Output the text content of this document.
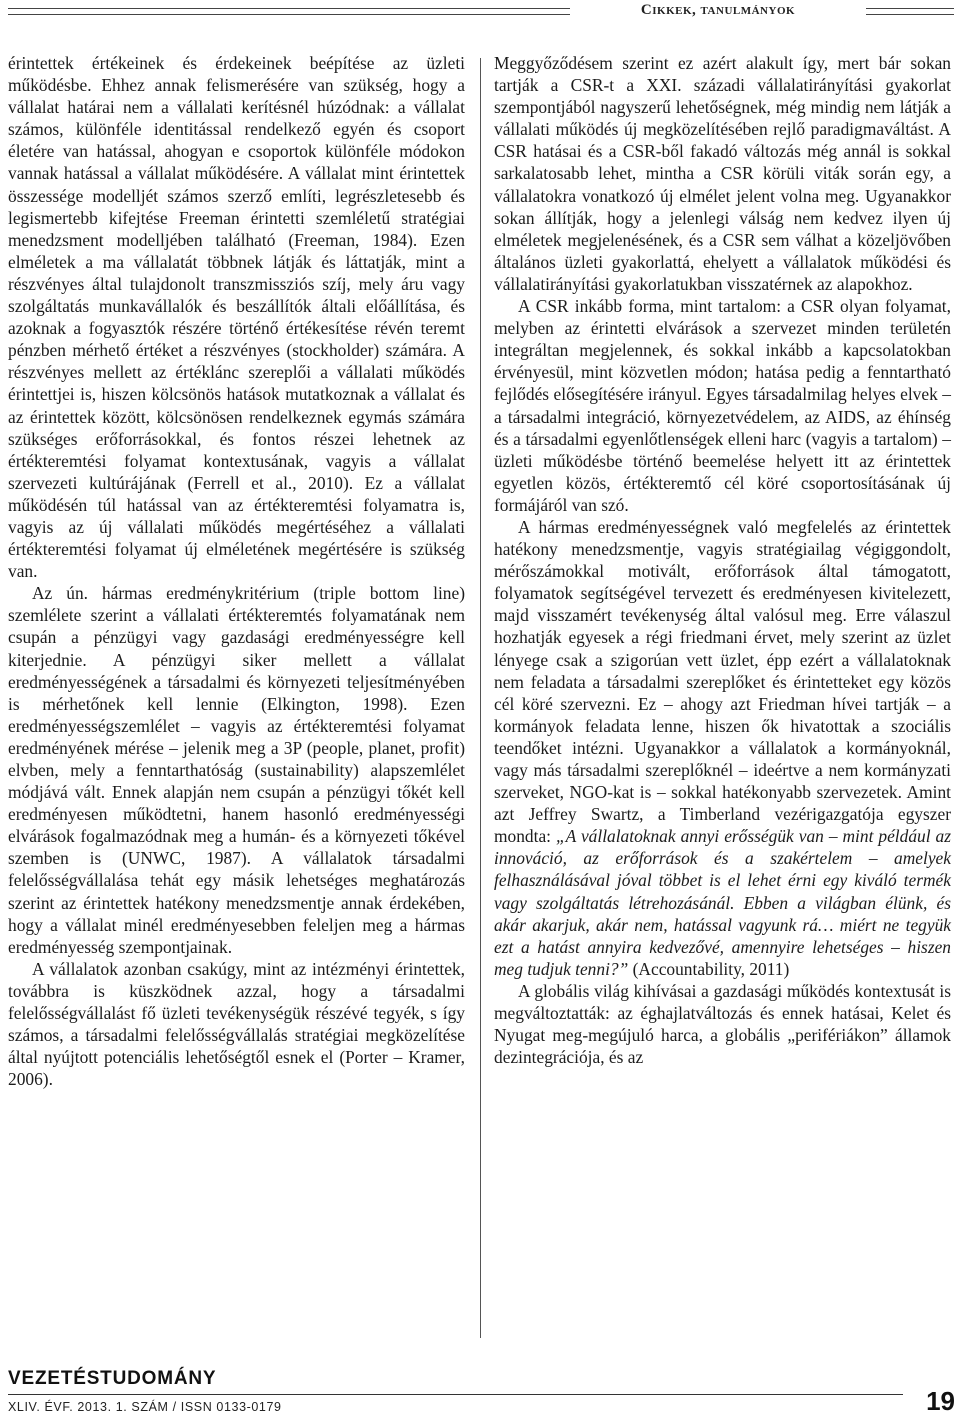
Cikkek, tanulmányok

érintettek értékeinek és érdekeinek beépítése az üzleti működésbe. Ehhez annak felismerésére van szükség, hogy a vállalat határai nem a vállalati kerítésnél húzódnak: a vállalat számos, különféle identitással rendelkező egyén és csoport életére van hatással, ahogyan e csoportok különféle módokon vannak hatással a vállalat működésére. A vállalat mint érintettek összessége modelljét számos szerző említi, legrészletesebb és legismertebb kifejtése Freeman érintetti szemléletű stratégiai menedzsment modelljében található (Freeman, 1984). Ezen elméletek a ma vállalatát többnek látják és láttatják, mint a részvényes által tulajdonolt transzmissziós szíj, mely áru vagy szolgáltatás munkavállalók és beszállítók általi előállítása, és azoknak a fogyasztók részére történő értékesítése révén teremt pénzben mérhető értéket a részvényes (stockholder) számára. A részvényes mellett az értéklánc szereplői a vállalati működés érintettjei is, hiszen kölcsönös hatások mutatkoznak a vállalat és az érintettek között, kölcsönösen rendelkeznek egymás számára szükséges erőforrásokkal, és fontos részei lehetnek az értékteremtési folyamat kontextusának, vagyis a vállalat szervezeti kultúrájának (Ferrell et al., 2010). Ez a vállalat működésén túl hatással van az értékteremtési folyamatra is, vagyis az új vállalati működés megértéséhez a vállalati értékteremtési folyamat új elméletének megértésére is szükség van.

Az ún. hármas eredménykritérium (triple bottom line) szemlélete szerint a vállalati értékteremtés folyamatának nem csupán a pénzügyi vagy gazdasági eredményességre kell kiterjednie. A pénzügyi siker mellett a vállalat eredményességének a társadalmi és környezeti teljesítményében is mérhetőnek kell lennie (Elkington, 1998). Ezen eredményességszemlélet – vagyis az értékteremtési folyamat eredményének mérése – jelenik meg a 3P (people, planet, profit) elvben, mely a fenntarthatóság (sustainability) alapszemlélet módjává vált. Ennek alapján nem csupán a pénzügyi tőkét kell eredményesen működtetni, hanem hasonló eredményességi elvárások fogalmazódnak meg a humán- és a környezeti tőkével szemben is (UNWC, 1987). A vállalatok társadalmi felelősségvállalása tehát egy másik lehetséges meghatározás szerint az érintettek hatékony menedzsmentje annak érdekében, hogy a vállalat minél eredményesebben feleljen meg a hármas eredményesség szempontjainak.

A vállalatok azonban csakúgy, mint az intézményi érintettek, továbbra is küszködnek azzal, hogy a társadalmi felelősségvállalást fő üzleti tevékenységük részévé tegyék, s így számos, a társadalmi felelősségvállalás stratégiai megközelítése által nyújtott potenciális lehetőségtől esnek el (Porter – Kramer, 2006).

Meggyőződésem szerint ez azért alakult így, mert bár sokan tartják a CSR-t a XXI. századi vállalatirányítási gyakorlat szempontjából nagyszerű lehetőségnek, még mindig nem látják a vállalati működés új megközelítésében rejlő paradigmaváltást. A CSR hatásai és a CSR-ből fakadó változás még annál is sokkal sarkalatosabb lehet, mintha a CSR körüli viták során egy, a vállalatokra vonatkozó új elmélet jelent volna meg. Ugyanakkor sokan állítják, hogy a jelenlegi válság nem kedvez ilyen új elméletek megjelenésének, és a CSR sem válhat a közeljövőben általános üzleti gyakorlattá, ehelyett a vállalatok működési és vállalatirányítási gyakorlatukban visszatérnek az alapokhoz.

A CSR inkább forma, mint tartalom: a CSR olyan folyamat, melyben az érintetti elvárások a szervezet minden területén integráltan megjelennek, és sokkal inkább a kapcsolatokban érvényesül, mint közvetlen módon; hatása pedig a fenntartható fejlődés elősegítésére irányul. Egyes társadalmilag helyes elvek – a társadalmi integráció, környezetvédelem, az AIDS, az éhínség és a társadalmi egyenlőtlenségek elleni harc (vagyis a tartalom) – üzleti működésbe történő beemelése helyett itt az érintettek egyetlen közös, értékteremtő cél köré csoportosításának új formájáról van szó.

A hármas eredményességnek való megfelelés az érintettek hatékony menedzsmentje, vagyis stratégiailag végiggondolt, mérőszámokkal motivált, erőforrások által támogatott, folyamatok segítségével tervezett és eredményesen kivitelezett, majd visszamért tevékenység által valósul meg. Erre válaszul hozhatják egyesek a régi friedmani érvet, mely szerint az üzlet lényege csak a szigorúan vett üzlet, épp ezért a vállalatoknak nem feladata a társadalmi szereplőket és érintetteket egy közös cél köré szervezni. Ez – ahogy azt Friedman hívei tartják – a kormányok feladata lenne, hiszen ők hivatottak a szociális teendőket intézni. Ugyanakkor a vállalatok a kormányoknál, vagy más társadalmi szereplőknél – ideértve a nem kormányzati szerveket, NGO-kat is – sokkal hatékonyabb szervezetek. Amint azt Jeffrey Swartz, a Timberland vezérigazgatója egyszer mondta: „A vállalatoknak annyi erősségük van – mint például az innováció, az erőforrások és a szakértelem – amelyek felhasználásával jóval többet is el lehet érni egy kiváló termék vagy szolgáltatás létrehozásánál. Ebben a világban élünk, és akár akarjuk, akár nem, hatással vagyunk rá… miért ne tegyük ezt a hatást annyira kedvezővé, amennyire lehetséges – hiszen meg tudjuk tenni?” (Accountability, 2011)

A globális világ kihívásai a gazdasági működés kontextusát is megváltoztatták: az éghajlatváltozás és ennek hatásai, Kelet és Nyugat meg-megújuló harca, a globális „perifériákon” államok dezintegrációja, és az

VEZETÉSTUDOMÁNY
XLIV. ÉVF. 2013. 1. SZÁM / ISSN 0133-0179	19
